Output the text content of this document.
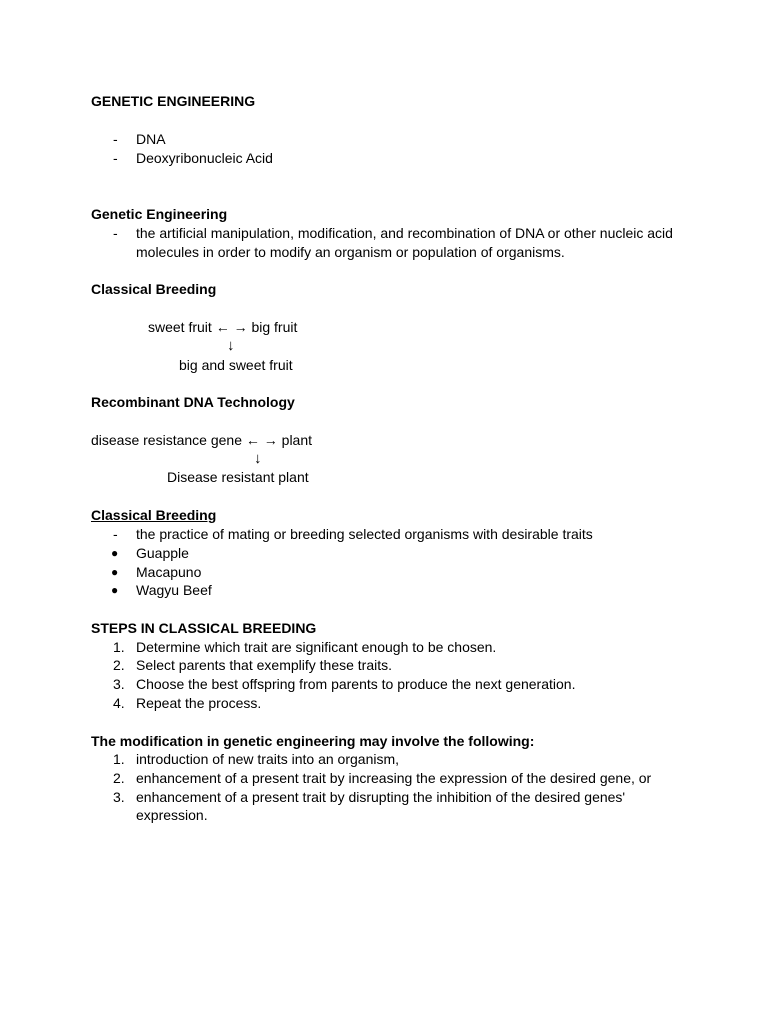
GENETIC ENGINEERING

- DNA

- Deoxyribonucleic Acid

Genetic Engineering

- the artificial manipulation, modification, and recombination of DNA or other nucleic acid

molecules in order to modify an organism or population of organisms.

Classical Breeding

sweet fruit ← → big fruit

↓

big and sweet fruit

Recombinant DNA Technology

disease resistance gene ← → plant

↓

Disease resistant plant

Classical Breeding

- the practice of mating or breeding selected organisms with desirable traits

● Guapple

● Macapuno

● Wagyu Beef

STEPS IN CLASSICAL BREEDING

1. Determine which trait are significant enough to be chosen.

2. Select parents that exemplify these traits.

3. Choose the best offspring from parents to produce the next generation.

4. Repeat the process.

The modification in genetic engineering may involve the following:

1. introduction of new traits into an organism,

2. enhancement of a present trait by increasing the expression of the desired gene, or

3. enhancement of a present trait by disrupting the inhibition of the desired genes'

expression.
